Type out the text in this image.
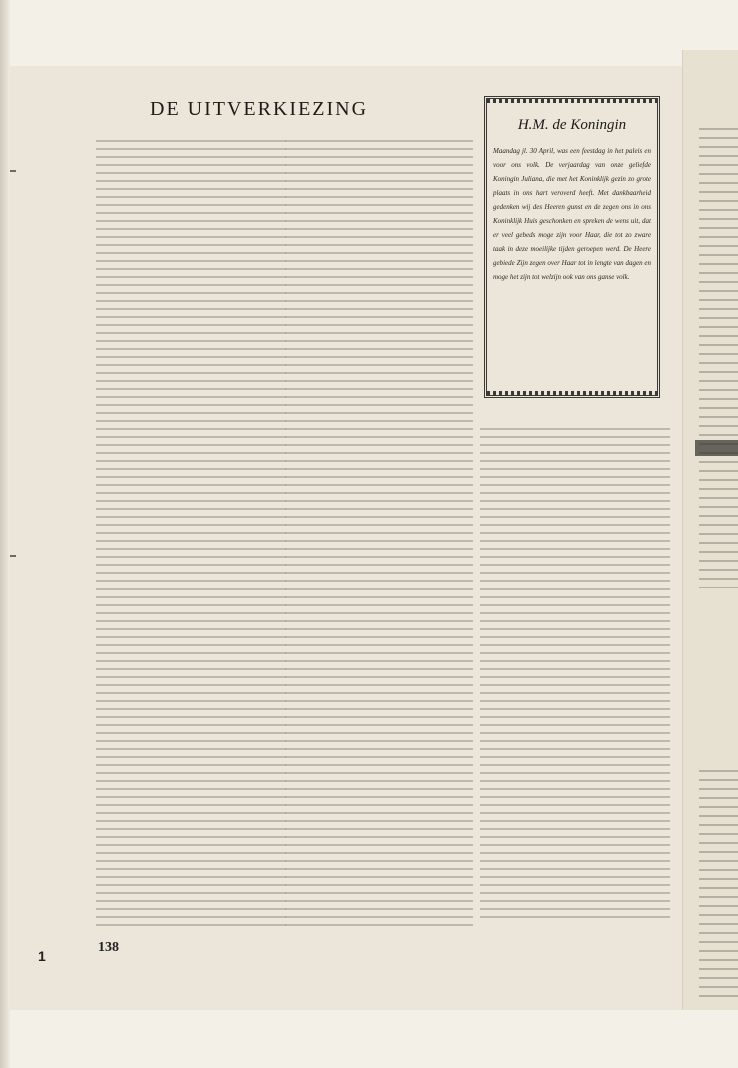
1
DE UITVERKIEZING
H.M. de Koningin
Maandag jl. 30 April, was een feestdag in het paleis en voor ons volk. De verjaardag van onze geliefde Koningin Juliana, die met het Koninklijk gezin zo grote plaats in ons hart veroverd heeft. Met dankbaarheid gedenken wij des Heeren gunst en de zegen ons in ons Koninklijk Huis geschonken en spreken de wens uit, dat er veel gebeds moge zijn voor Haar, die tot zo zware taak in deze moeilijke tijden geroepen werd. De Heere gebiede Zijn zegen over Haar tot in lengte van dagen en moge het zijn tot welzijn ook van ons ganse volk.
138
